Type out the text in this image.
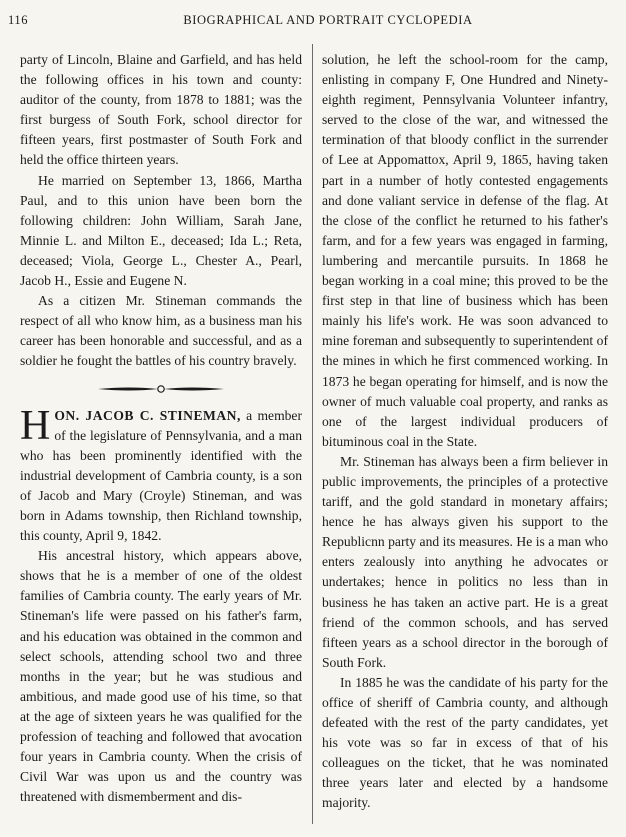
116	BIOGRAPHICAL AND PORTRAIT CYCLOPEDIA

party of Lincoln, Blaine and Garfield, and has held the following offices in his town and county: auditor of the county, from 1878 to 1881; was the first burgess of South Fork, school director for fifteen years, first postmaster of South Fork and held the office thirteen years.

He married on September 13, 1866, Martha Paul, and to this union have been born the following children: John William, Sarah Jane, Minnie L. and Milton E., deceased; Ida L.; Reta, deceased; Viola, George L., Chester A., Pearl, Jacob H., Essie and Eugene N.

As a citizen Mr. Stineman commands the respect of all who know him, as a business man his career has been honorable and successful, and as a soldier he fought the battles of his country bravely.

HON. JACOB C. STINEMAN, a member of the legislature of Pennsylvania, and a man who has been prominently identified with the industrial development of Cambria county, is a son of Jacob and Mary (Croyle) Stineman, and was born in Adams township, then Richland township, this county, April 9, 1842.

His ancestral history, which appears above, shows that he is a member of one of the oldest families of Cambria county. The early years of Mr. Stineman's life were passed on his father's farm, and his education was obtained in the common and select schools, attending school two and three months in the year; but he was studious and ambitious, and made good use of his time, so that at the age of sixteen years he was qualified for the profession of teaching and followed that avocation four years in Cambria county. When the crisis of Civil War was upon us and the country was threatened with dismemberment and dis-

solution, he left the school-room for the camp, enlisting in company F, One Hundred and Ninety-eighth regiment, Pennsylvania Volunteer infantry, served to the close of the war, and witnessed the termination of that bloody conflict in the surrender of Lee at Appomattox, April 9, 1865, having taken part in a number of hotly contested engagements and done valiant service in defense of the flag. At the close of the conflict he returned to his father's farm, and for a few years was engaged in farming, lumbering and mercantile pursuits. In 1868 he began working in a coal mine; this proved to be the first step in that line of business which has been mainly his life's work. He was soon advanced to mine foreman and subsequently to superintendent of the mines in which he first commenced working. In 1873 he began operating for himself, and is now the owner of much valuable coal property, and ranks as one of the largest individual producers of bituminous coal in the State.

Mr. Stineman has always been a firm believer in public improvements, the principles of a protective tariff, and the gold standard in monetary affairs; hence he has always given his support to the Republicnn party and its measures. He is a man who enters zealously into anything he advocates or undertakes; hence in politics no less than in business he has taken an active part. He is a great friend of the common schools, and has served fifteen years as a school director in the borough of South Fork.

In 1885 he was the candidate of his party for the office of sheriff of Cambria county, and although defeated with the rest of the party candidates, yet his vote was so far in excess of that of his colleagues on the ticket, that he was nominated three years later and elected by a handsome majority.
